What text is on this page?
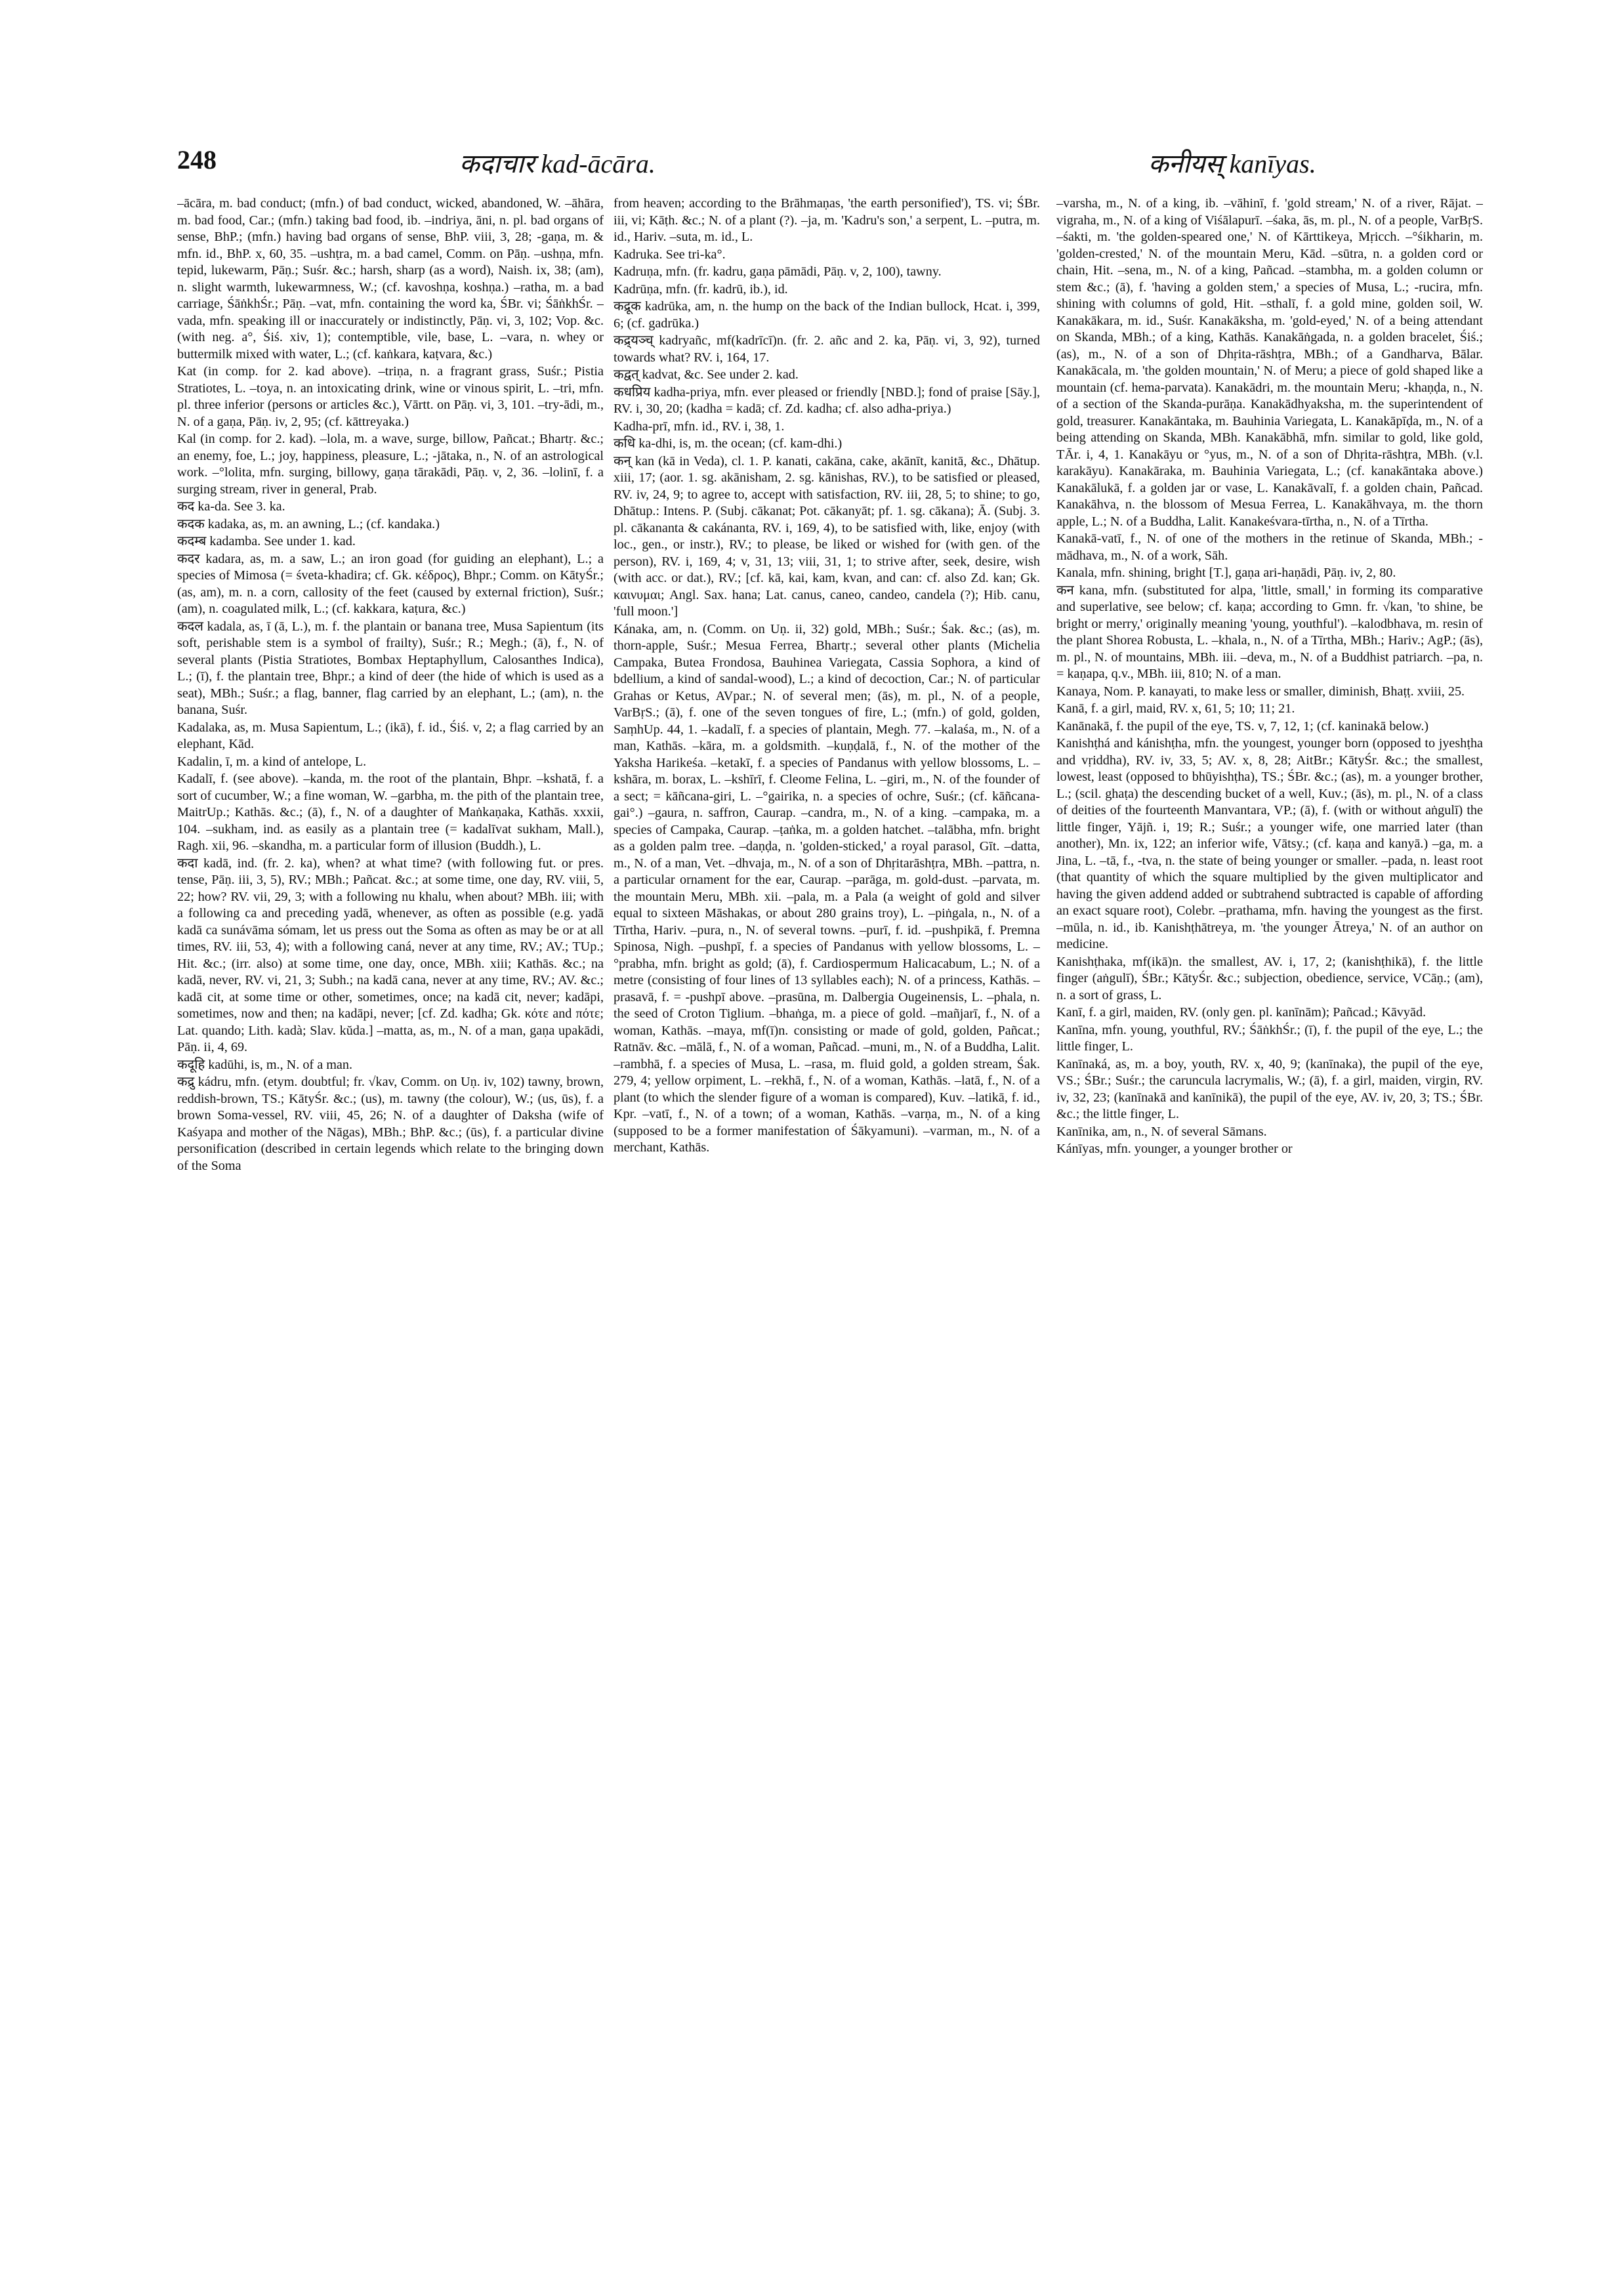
248	कदाचार kad-ācāra.	कनीयस् kanīyas.

–ācāra, m. bad conduct; (mfn.) of bad conduct, wicked, abandoned, W. –āhāra, m. bad food, Car.; (mfn.) taking bad food, ib. –indriya, āni, n. pl. bad organs of sense, BhP.; (mfn.) having bad organs of sense, BhP. viii, 3, 28; -gaṇa, m. & mfn. id., BhP. x, 60, 35. –ushṭra, m. a bad camel, Comm. on Pāṇ. –ushṇa, mfn. tepid, lukewarm, Pāṇ.; Suśr. &c.; harsh, sharp (as a word), Naish. ix, 38; (am), n. slight warmth, lukewarmness, W.; (cf. kavoshṇa, koshṇa.) –ratha, m. a bad carriage, ŚāṅkhŚr.; Pāṇ. –vat, mfn. containing the word ka, ŚBr. vi; ŚāṅkhŚr. –vada, mfn. speaking ill or inaccurately or indistinctly, Pāṇ. vi, 3, 102; Vop. &c. (with neg. a°, Śiś. xiv, 1); contemptible, vile, base, L. –vara, n. whey or buttermilk mixed with water, L.; (cf. kaṅkara, kaṭvara, &c.)

Kat (in comp. for 2. kad above). –triṇa, n. a fragrant grass, Suśr.; Pistia Stratiotes, L. –toya, n. an intoxicating drink, wine or vinous spirit, L. –tri, mfn. pl. three inferior (persons or articles &c.), Vārtt. on Pāṇ. vi, 3, 101. –try-ādi, m., N. of a gaṇa, Pāṇ. iv, 2, 95; (cf. kāttreyaka.)

Kal (in comp. for 2. kad). –lola, m. a wave, surge, billow, Pañcat.; Bhartṛ. &c.; an enemy, foe, L.; joy, happiness, pleasure, L.; -jātaka, n., N. of an astrological work. –°lolita, mfn. surging, billowy, gaṇa tārakādi, Pāṇ. v, 2, 36. –lolinī, f. a surging stream, river in general, Prab.

कद ka-da. See 3. ka.

कदक kadaka, as, m. an awning, L.; (cf. kandaka.)

कदम्ब kadamba. See under 1. kad.

कदर kadara, as, m. a saw, L.; an iron goad (for guiding an elephant), L.; a species of Mimosa (= śveta-khadira; cf. Gk. κέδρος), Bhpr.; Comm. on KātyŚr.; (as, am), m. n. a corn, callosity of the feet (caused by external friction), Suśr.; (am), n. coagulated milk, L.; (cf. kakkara, kaṭura, &c.)

कदल kadala, as, ī (ā, L.), m. f. the plantain or banana tree, Musa Sapientum (its soft, perishable stem is a symbol of frailty), Suśr.; R.; Megh.; (ā), f., N. of several plants (Pistia Stratiotes, Bombax Heptaphyllum, Calosanthes Indica), L.; (ī), f. the plantain tree, Bhpr.; a kind of deer (the hide of which is used as a seat), MBh.; Suśr.; a flag, banner, flag carried by an elephant, L.; (am), n. the banana, Suśr.

Kadalaka, as, m. Musa Sapientum, L.; (ikā), f. id., Śiś. v, 2; a flag carried by an elephant, Kād.

Kadalin, ī, m. a kind of antelope, L.

Kadalī, f. (see above). –kanda, m. the root of the plantain, Bhpr. –kshatā, f. a sort of cucumber, W.; a fine woman, W. –garbha, m. the pith of the plantain tree, MaitrUp.; Kathās. &c.; (ā), f., N. of a daughter of Maṅkaṇaka, Kathās. xxxii, 104. –sukham, ind. as easily as a plantain tree (= kadalīvat sukham, Mall.), Ragh. xii, 96. –skandha, m. a particular form of illusion (Buddh.), L.

कदा kadā, ind. (fr. 2. ka), when? at what time? (with following fut. or pres. tense, Pāṇ. iii, 3, 5), RV.; MBh.; Pañcat. &c.; at some time, one day, RV. viii, 5, 22; how? RV. vii, 29, 3; with a following nu khalu, when about? MBh. iii; with a following ca and preceding yadā, whenever, as often as possible (e.g. yadā kadā ca sunávāma sómam, let us press out the Soma as often as may be or at all times, RV. iii, 53, 4); with a following caná, never at any time, RV.; AV.; TUp.; Hit. &c.; (irr. also) at some time, one day, once, MBh. xiii; Kathās. &c.; na kadā, never, RV. vi, 21, 3; Subh.; na kadā cana, never at any time, RV.; AV. &c.; kadā cit, at some time or other, sometimes, once; na kadā cit, never; kadāpi, sometimes, now and then; na kadāpi, never; [cf. Zd. kadha; Gk. κότε and πότε; Lat. quando; Lith. kadà; Slav. kŭda.] –matta, as, m., N. of a man, gaṇa upakādi, Pāṇ. ii, 4, 69.

कदूहि kadūhi, is, m., N. of a man.

कद्रु kádru, mfn. (etym. doubtful; fr. √kav, Comm. on Uṇ. iv, 102) tawny, brown, reddish-brown, TS.; KātyŚr. &c.; (us), m. tawny (the colour), W.; (us, ūs), f. a brown Soma-vessel, RV. viii, 45, 26; N. of a daughter of Daksha (wife of Kaśyapa and mother of the Nāgas), MBh.; BhP. &c.; (ūs), f. a particular divine personification (described in certain legends which relate to the bringing down of the Soma

from heaven; according to the Brāhmaṇas, 'the earth personified'), TS. vi; ŚBr. iii, vi; Kāṭh. &c.; N. of a plant (?). –ja, m. 'Kadru's son,' a serpent, L. –putra, m. id., Hariv. –suta, m. id., L.

Kadruka. See tri-ka°.

Kadruṇa, mfn. (fr. kadru, gaṇa pāmādi, Pāṇ. v, 2, 100), tawny.

Kadrūṇa, mfn. (fr. kadrū, ib.), id.

कद्रूक kadrūka, am, n. the hump on the back of the Indian bullock, Hcat. i, 399, 6; (cf. gadrūka.)

कद्र्यञ्च् kadryañc, mf(kadrīcī)n. (fr. 2. añc and 2. ka, Pāṇ. vi, 3, 92), turned towards what? RV. i, 164, 17.

कद्वत् kadvat, &c. See under 2. kad.

कधप्रिय kadha-priya, mfn. ever pleased or friendly [NBD.]; fond of praise [Sāy.], RV. i, 30, 20; (kadha = kadā; cf. Zd. kadha; cf. also adha-priya.)

Kadha-prī, mfn. id., RV. i, 38, 1.

कधि ka-dhi, is, m. the ocean; (cf. kam-dhi.)

कन् kan (kā in Veda), cl. 1. P. kanati, cakāna, cake, akānīt, kanitā, &c., Dhātup. xiii, 17; (aor. 1. sg. akānisham, 2. sg. kānishas, RV.), to be satisfied or pleased, RV. iv, 24, 9; to agree to, accept with satisfaction, RV. iii, 28, 5; to shine; to go, Dhātup.: Intens. P. (Subj. cākanat; Pot. cākanyāt; pf. 1. sg. cākana); Ā. (Subj. 3. pl. cākananta & cakánanta, RV. i, 169, 4), to be satisfied with, like, enjoy (with loc., gen., or instr.), RV.; to please, be liked or wished for (with gen. of the person), RV. i, 169, 4; v, 31, 13; viii, 31, 1; to strive after, seek, desire, wish (with acc. or dat.), RV.; [cf. kā, kai, kam, kvan, and can: cf. also Zd. kan; Gk. καινυμαι; Angl. Sax. hana; Lat. canus, caneo, candeo, candela (?); Hib. canu, 'full moon.']

Kánaka, am, n. (Comm. on Uṇ. ii, 32) gold, MBh.; Suśr.; Śak. &c.; (as), m. thorn-apple, Suśr.; Mesua Ferrea, Bhartṛ.; several other plants (Michelia Campaka, Butea Frondosa, Bauhinea Variegata, Cassia Sophora, a kind of bdellium, a kind of sandal-wood), L.; a kind of decoction, Car.; N. of particular Grahas or Ketus, AVpar.; N. of several men; (ās), m. pl., N. of a people, VarBṛS.; (ā), f. one of the seven tongues of fire, L.; (mfn.) of gold, golden, SaṃhUp. 44, 1. –kadalī, f. a species of plantain, Megh. 77. –kalaśa, m., N. of a man, Kathās. –kāra, m. a goldsmith. –kuṇḍalā, f., N. of the mother of the Yaksha Harikeśa. –ketakī, f. a species of Pandanus with yellow blossoms, L. –kshāra, m. borax, L. –kshīrī, f. Cleome Felina, L. –giri, m., N. of the founder of a sect; = kāñcana-giri, L. –°gairika, n. a species of ochre, Suśr.; (cf. kāñcana-gai°.) –gaura, n. saffron, Caurap. –candra, m., N. of a king. –campaka, m. a species of Campaka, Caurap. –ṭaṅka, m. a golden hatchet. –talābha, mfn. bright as a golden palm tree. –daṇḍa, n. 'golden-sticked,' a royal parasol, Gīt. –datta, m., N. of a man, Vet. –dhvaja, m., N. of a son of Dhṛitarāshṭra, MBh. –pattra, n. a particular ornament for the ear, Caurap. –parāga, m. gold-dust. –parvata, m. the mountain Meru, MBh. xii. –pala, m. a Pala (a weight of gold and silver equal to sixteen Māshakas, or about 280 grains troy), L. –piṅgala, n., N. of a Tīrtha, Hariv. –pura, n., N. of several towns. –purī, f. id. –pushpikā, f. Premna Spinosa, Nigh. –pushpī, f. a species of Pandanus with yellow blossoms, L. –°prabha, mfn. bright as gold; (ā), f. Cardiospermum Halicacabum, L.; N. of a metre (consisting of four lines of 13 syllables each); N. of a princess, Kathās. –prasavā, f. = -pushpī above. –prasūna, m. Dalbergia Ougeinensis, L. –phala, n. the seed of Croton Tiglium. –bhaṅga, m. a piece of gold. –mañjarī, f., N. of a woman, Kathās. –maya, mf(ī)n. consisting or made of gold, golden, Pañcat.; Ratnāv. &c. –mālā, f., N. of a woman, Pañcad. –muni, m., N. of a Buddha, Lalit. –rambhā, f. a species of Musa, L. –rasa, m. fluid gold, a golden stream, Śak. 279, 4; yellow orpiment, L. –rekhā, f., N. of a woman, Kathās. –latā, f., N. of a plant (to which the slender figure of a woman is compared), Kuv. –latikā, f. id., Kpr. –vatī, f., N. of a town; of a woman, Kathās. –varṇa, m., N. of a king (supposed to be a former manifestation of Śākyamuni). –varman, m., N. of a merchant, Kathās.

–varsha, m., N. of a king, ib. –vāhinī, f. 'gold stream,' N. of a river, Rājat. –vigraha, m., N. of a king of Viśālapurī. –śaka, ās, m. pl., N. of a people, VarBṛS. –śakti, m. 'the golden-speared one,' N. of Kārttikeya, Mṛicch. –°śikharin, m. 'golden-crested,' N. of the mountain Meru, Kād. –sūtra, n. a golden cord or chain, Hit. –sena, m., N. of a king, Pañcad. –stambha, m. a golden column or stem &c.; (ā), f. 'having a golden stem,' a species of Musa, L.; -rucira, mfn. shining with columns of gold, Hit. –sthalī, f. a gold mine, golden soil, W. Kanakākara, m. id., Suśr. Kanakāksha, m. 'gold-eyed,' N. of a being attendant on Skanda, MBh.; of a king, Kathās. Kanakāṅgada, n. a golden bracelet, Śiś.; (as), m., N. of a son of Dhṛita-rāshṭra, MBh.; of a Gandharva, Bālar. Kanakācala, m. 'the golden mountain,' N. of Meru; a piece of gold shaped like a mountain (cf. hema-parvata). Kanakādri, m. the mountain Meru; -khaṇḍa, n., N. of a section of the Skanda-purāṇa. Kanakādhyaksha, m. the superintendent of gold, treasurer. Kanakāntaka, m. Bauhinia Variegata, L. Kanakāpīḍa, m., N. of a being attending on Skanda, MBh. Kanakābhā, mfn. similar to gold, like gold, TĀr. i, 4, 1. Kanakāyu or °yus, m., N. of a son of Dhṛita-rāshṭra, MBh. (v.l. karakāyu). Kanakāraka, m. Bauhinia Variegata, L.; (cf. kanakāntaka above.) Kanakālukā, f. a golden jar or vase, L. Kanakāvalī, f. a golden chain, Pañcad. Kanakāhva, n. the blossom of Mesua Ferrea, L. Kanakāhvaya, m. the thorn apple, L.; N. of a Buddha, Lalit. Kanakeśvara-tīrtha, n., N. of a Tīrtha.

Kanakā-vatī, f., N. of one of the mothers in the retinue of Skanda, MBh.; -mādhava, m., N. of a work, Sāh.

Kanala, mfn. shining, bright [T.], gaṇa ari-haṇādi, Pāṇ. iv, 2, 80.

कन kana, mfn. (substituted for alpa, 'little, small,' in forming its comparative and superlative, see below; cf. kaṇa; according to Gmn. fr. √kan, 'to shine, be bright or merry,' originally meaning 'young, youthful'). –kalodbhava, m. resin of the plant Shorea Robusta, L. –khala, n., N. of a Tīrtha, MBh.; Hariv.; AgP.; (ās), m. pl., N. of mountains, MBh. iii. –deva, m., N. of a Buddhist patriarch. –pa, n. = kaṇapa, q.v., MBh. iii, 810; N. of a man.

Kanaya, Nom. P. kanayati, to make less or smaller, diminish, Bhaṭṭ. xviii, 25.

Kanā, f. a girl, maid, RV. x, 61, 5; 10; 11; 21.

Kanānakā, f. the pupil of the eye, TS. v, 7, 12, 1; (cf. kaninakā below.)

Kanishṭhá and kánishṭha, mfn. the youngest, younger born (opposed to jyeshṭha and vṛiddha), RV. iv, 33, 5; AV. x, 8, 28; AitBr.; KātyŚr. &c.; the smallest, lowest, least (opposed to bhūyishṭha), TS.; ŚBr. &c.; (as), m. a younger brother, L.; (scil. ghaṭa) the descending bucket of a well, Kuv.; (ās), m. pl., N. of a class of deities of the fourteenth Manvantara, VP.; (ā), f. (with or without aṅgulī) the little finger, Yājñ. i, 19; R.; Suśr.; a younger wife, one married later (than another), Mn. ix, 122; an inferior wife, Vātsy.; (cf. kaṇa and kanyā.) –ga, m. a Jina, L. –tā, f., -tva, n. the state of being younger or smaller. –pada, n. least root (that quantity of which the square multiplied by the given multiplicator and having the given addend added or subtrahend subtracted is capable of affording an exact square root), Colebr. –prathama, mfn. having the youngest as the first. –mūla, n. id., ib. Kanishṭhātreya, m. 'the younger Ātreya,' N. of an author on medicine.

Kanishṭhaka, mf(ikā)n. the smallest, AV. i, 17, 2; (kanishṭhikā), f. the little finger (aṅgulī), ŚBr.; KātyŚr. &c.; subjection, obedience, service, VCāṇ.; (am), n. a sort of grass, L.

Kanī, f. a girl, maiden, RV. (only gen. pl. kanīnām); Pañcad.; Kāvyād.

Kanīna, mfn. young, youthful, RV.; ŚāṅkhŚr.; (ī), f. the pupil of the eye, L.; the little finger, L.

Kanīnaká, as, m. a boy, youth, RV. x, 40, 9; (kanīnaka), the pupil of the eye, VS.; ŚBr.; Suśr.; the caruncula lacrymalis, W.; (ā), f. a girl, maiden, virgin, RV. iv, 32, 23; (kanīnakā and kanīnikā), the pupil of the eye, AV. iv, 20, 3; TS.; ŚBr. &c.; the little finger, L.

Kanīnika, am, n., N. of several Sāmans.

Kánīyas, mfn. younger, a younger brother or
